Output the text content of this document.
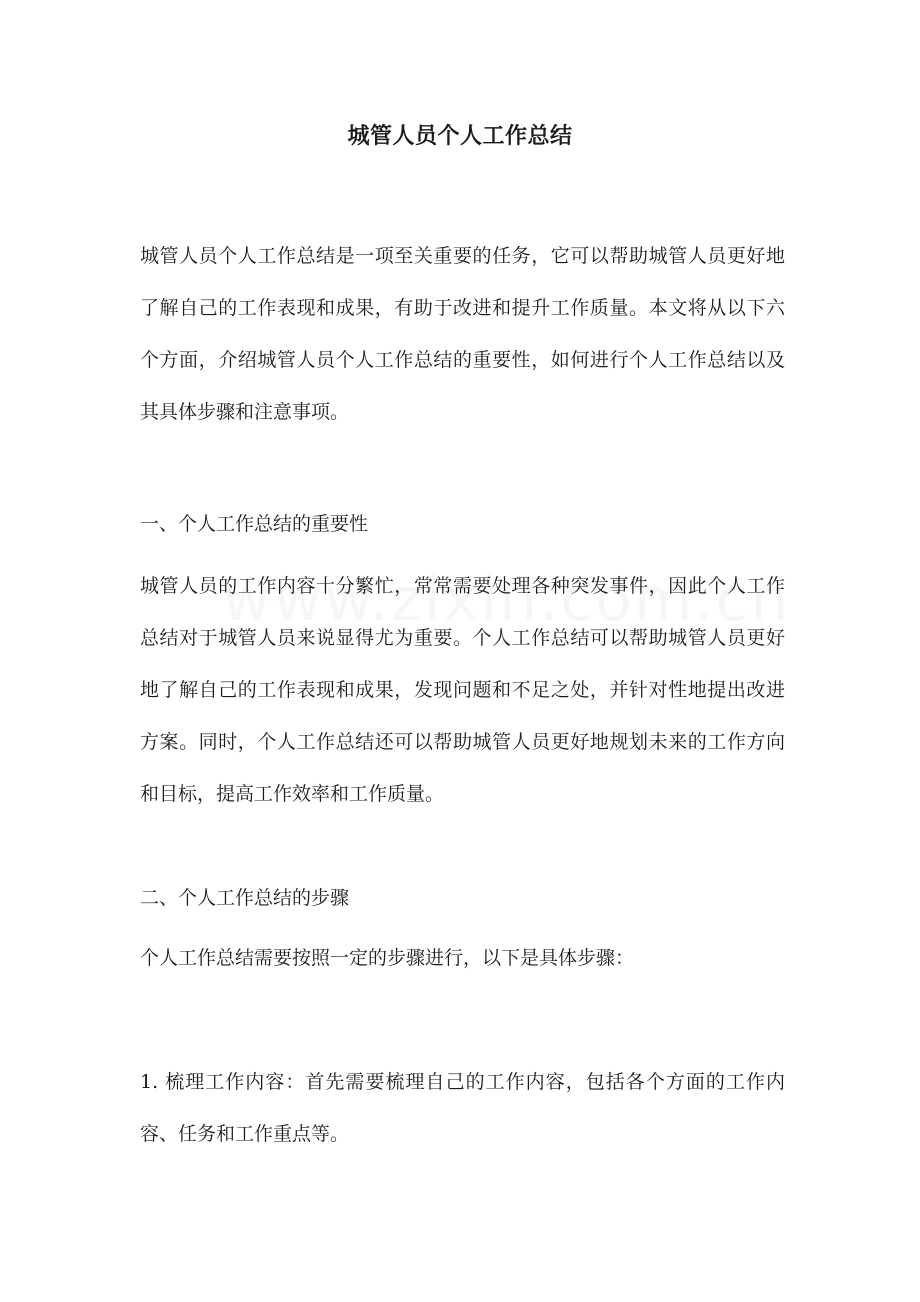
城管人员个人工作总结

城管人员个人工作总结是一项至关重要的任务，它可以帮助城管人员更好地了解自己的工作表现和成果，有助于改进和提升工作质量。本文将从以下六个方面，介绍城管人员个人工作总结的重要性，如何进行个人工作总结以及其具体步骤和注意事项。

一、个人工作总结的重要性

城管人员的工作内容十分繁忙，常常需要处理各种突发事件，因此个人工作总结对于城管人员来说显得尤为重要。个人工作总结可以帮助城管人员更好地了解自己的工作表现和成果，发现问题和不足之处，并针对性地提出改进方案。同时，个人工作总结还可以帮助城管人员更好地规划未来的工作方向和目标，提高工作效率和工作质量。

二、个人工作总结的步骤

个人工作总结需要按照一定的步骤进行，以下是具体步骤：

1. 梳理工作内容：首先需要梳理自己的工作内容，包括各个方面的工作内容、任务和工作重点等。
